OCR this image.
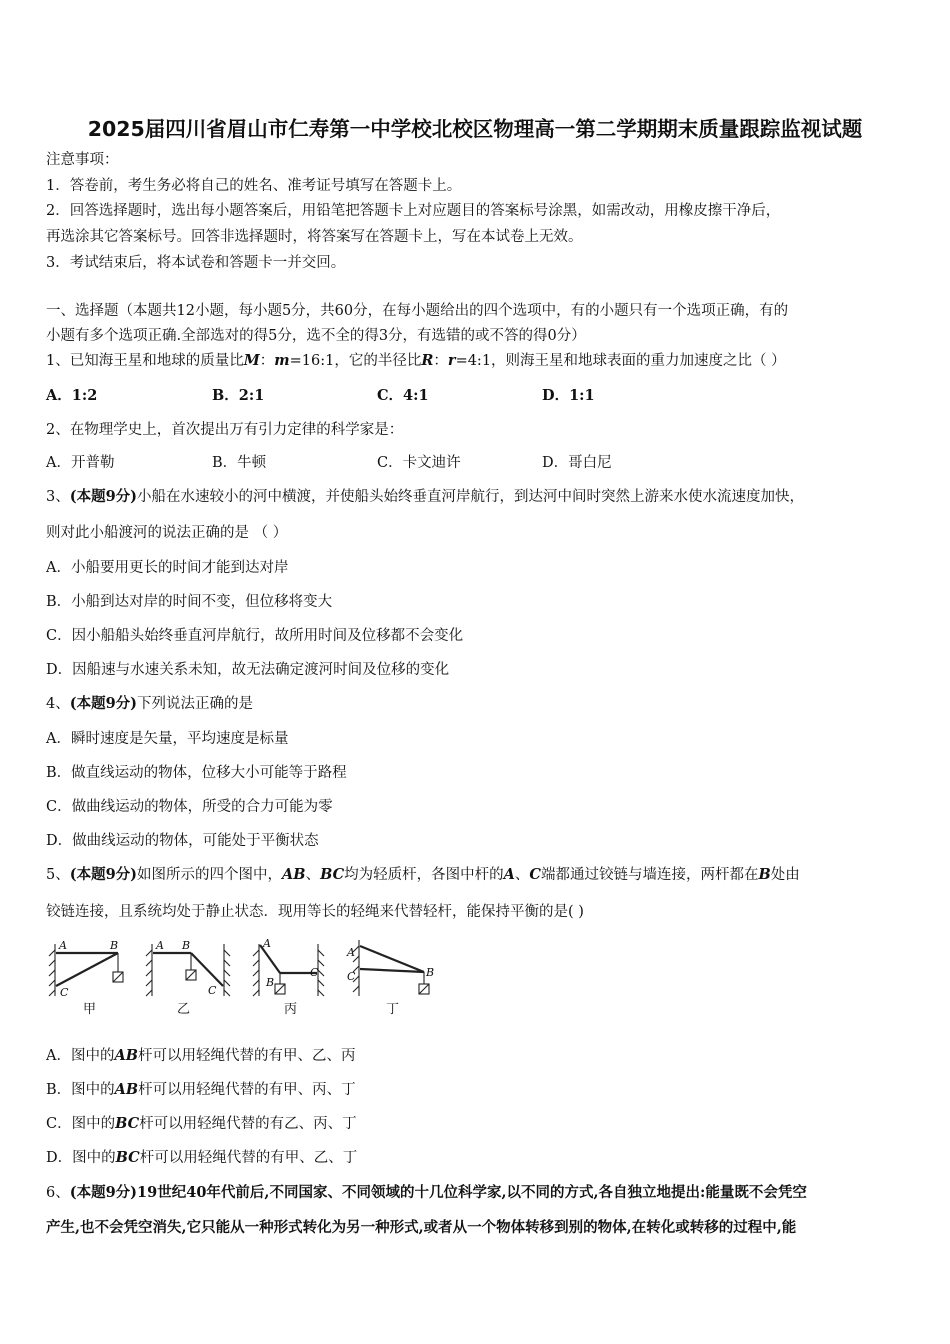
2025届四川省眉山市仁寿第一中学校北校区物理高一第二学期期末质量跟踪监视试题
注意事项：
1．答卷前，考生务必将自己的姓名、准考证号填写在答题卡上。
2．回答选择题时，选出每小题答案后，用铅笔把答题卡上对应题目的答案标号涂黑，如需改动，用橡皮擦干净后，
再选涂其它答案标号。回答非选择题时，将答案写在答题卡上，写在本试卷上无效。
3．考试结束后，将本试卷和答题卡一并交回。
一、选择题（本题共12小题，每小题5分，共60分，在每小题给出的四个选项中，有的小题只有一个选项正确，有的
小题有多个选项正确.全部选对的得5分，选不全的得3分，有选错的或不答的得0分）
1、已知海王星和地球的质量比M：m=16:1，它的半径比R：r=4:1，则海王星和地球表面的重力加速度之比（ ）
A．1:2	B．2:1	C．4:1	D．1:1
2、在物理学史上，首次提出万有引力定律的科学家是：
A．开普勒	B．牛顿	C．卡文迪许	D．哥白尼
3、(本题9分)小船在水速较小的河中横渡，并使船头始终垂直河岸航行，到达河中间时突然上游来水使水流速度加快，
则对此小船渡河的说法正确的是 （ ）
A．小船要用更长的时间才能到达对岸
B．小船到达对岸的时间不变，但位移将变大
C．因小船船头始终垂直河岸航行，故所用时间及位移都不会变化
D．因船速与水速关系未知，故无法确定渡河时间及位移的变化
4、(本题9分)下列说法正确的是
A．瞬时速度是矢量，平均速度是标量
B．做直线运动的物体，位移大小可能等于路程
C．做曲线运动的物体，所受的合力可能为零
D．做曲线运动的物体，可能处于平衡状态
5、(本题9分)如图所示的四个图中，AB、BC均为轻质杆，各图中杆的A、C端都通过铰链与墙连接，两杆都在B处由
铰链连接，且系统均处于静止状态．现用等长的轻绳来代替轻杆，能保持平衡的是( )
A	B
C
A B
C
A
B
C
A
C	B
甲	乙	丙	丁
A．图中的AB杆可以用轻绳代替的有甲、乙、丙
B．图中的AB杆可以用轻绳代替的有甲、丙、丁
C．图中的BC杆可以用轻绳代替的有乙、丙、丁
D．图中的BC杆可以用轻绳代替的有甲、乙、丁
6、(本题9分)19世纪40年代前后,不同国家、不同领域的十几位科学家,以不同的方式,各自独立地提出:能量既不会凭空
产生,也不会凭空消失,它只能从一种形式转化为另一种形式,或者从一个物体转移到别的物体,在转化或转移的过程中,能
